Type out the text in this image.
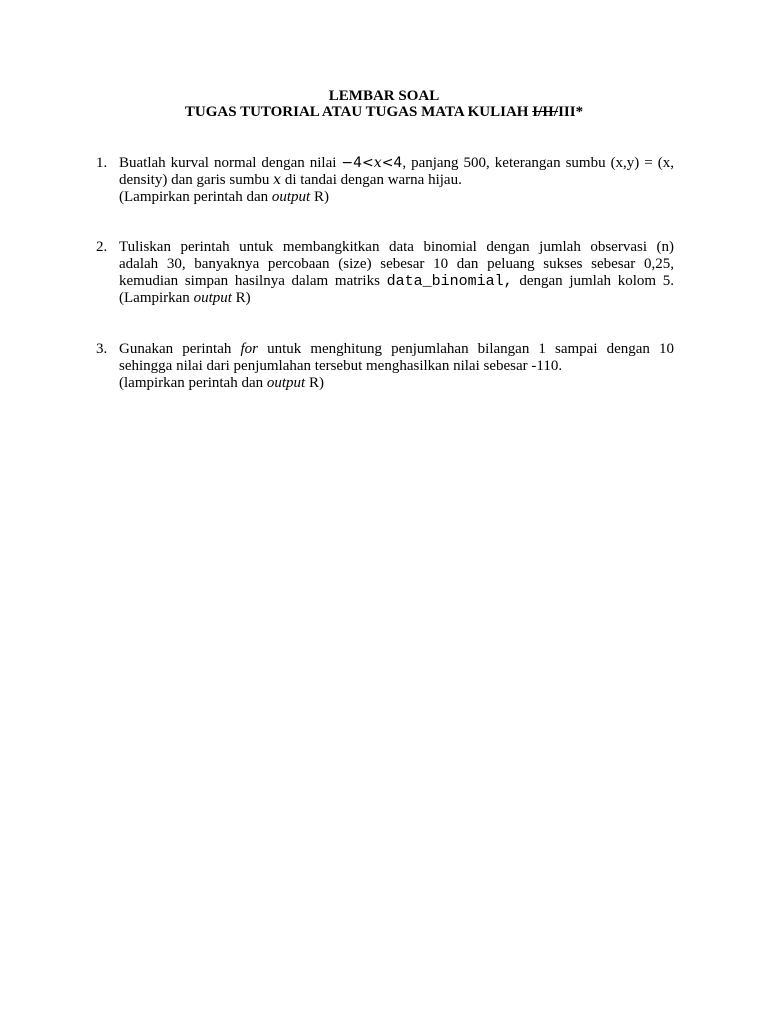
LEMBAR SOAL
TUGAS TUTORIAL ATAU TUGAS MATA KULIAH I/II/III*
1. Buatlah kurval normal dengan nilai −4<x<4, panjang 500, keterangan sumbu (x,y) = (x,
density) dan garis sumbu x di tandai dengan warna hijau.
(Lampirkan perintah dan output R)
2. Tuliskan perintah untuk membangkitkan data binomial dengan jumlah observasi (n)
adalah 30, banyaknya percobaan (size) sebesar 10 dan peluang sukses sebesar 0,25,
kemudian simpan hasilnya dalam matriks data_binomial, dengan jumlah kolom 5.
(Lampirkan output R)
3. Gunakan perintah for untuk menghitung penjumlahan bilangan 1 sampai dengan 10
sehingga nilai dari penjumlahan tersebut menghasilkan nilai sebesar -110.
(lampirkan perintah dan output R)
